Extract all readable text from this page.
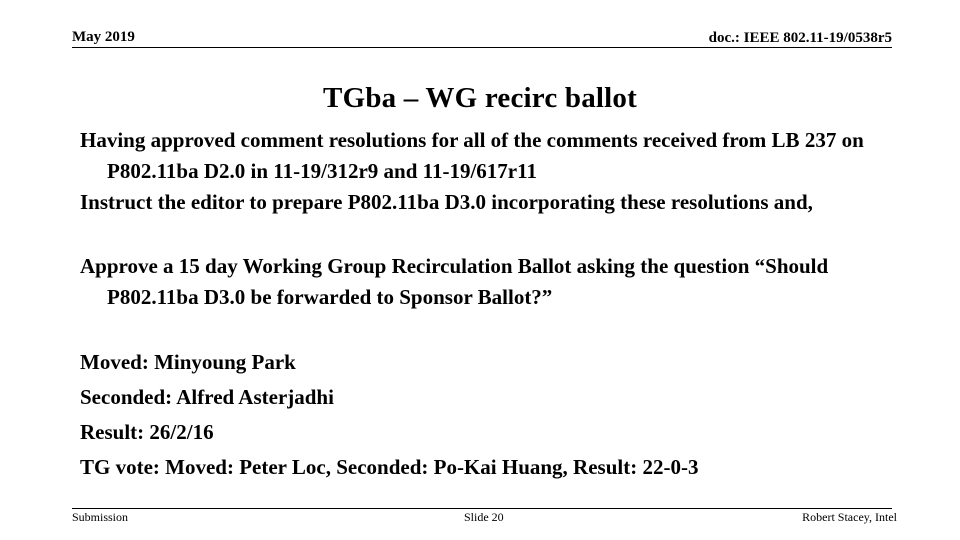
May 2019	doc.: IEEE 802.11-19/0538r5
TGba – WG recirc ballot
Having approved comment resolutions for all of the comments received from LB 237 on P802.11ba D2.0 in 11-19/312r9 and 11-19/617r11
Instruct the editor to prepare P802.11ba D3.0 incorporating these resolutions and,
Approve a 15 day Working Group Recirculation Ballot asking the question “Should P802.11ba D3.0 be forwarded to Sponsor Ballot?”
Moved: Minyoung Park
Seconded: Alfred Asterjadhi
Result: 26/2/16
TG vote: Moved: Peter Loc, Seconded: Po-Kai Huang, Result: 22-0-3
Submission	Slide 20	Robert Stacey, Intel
